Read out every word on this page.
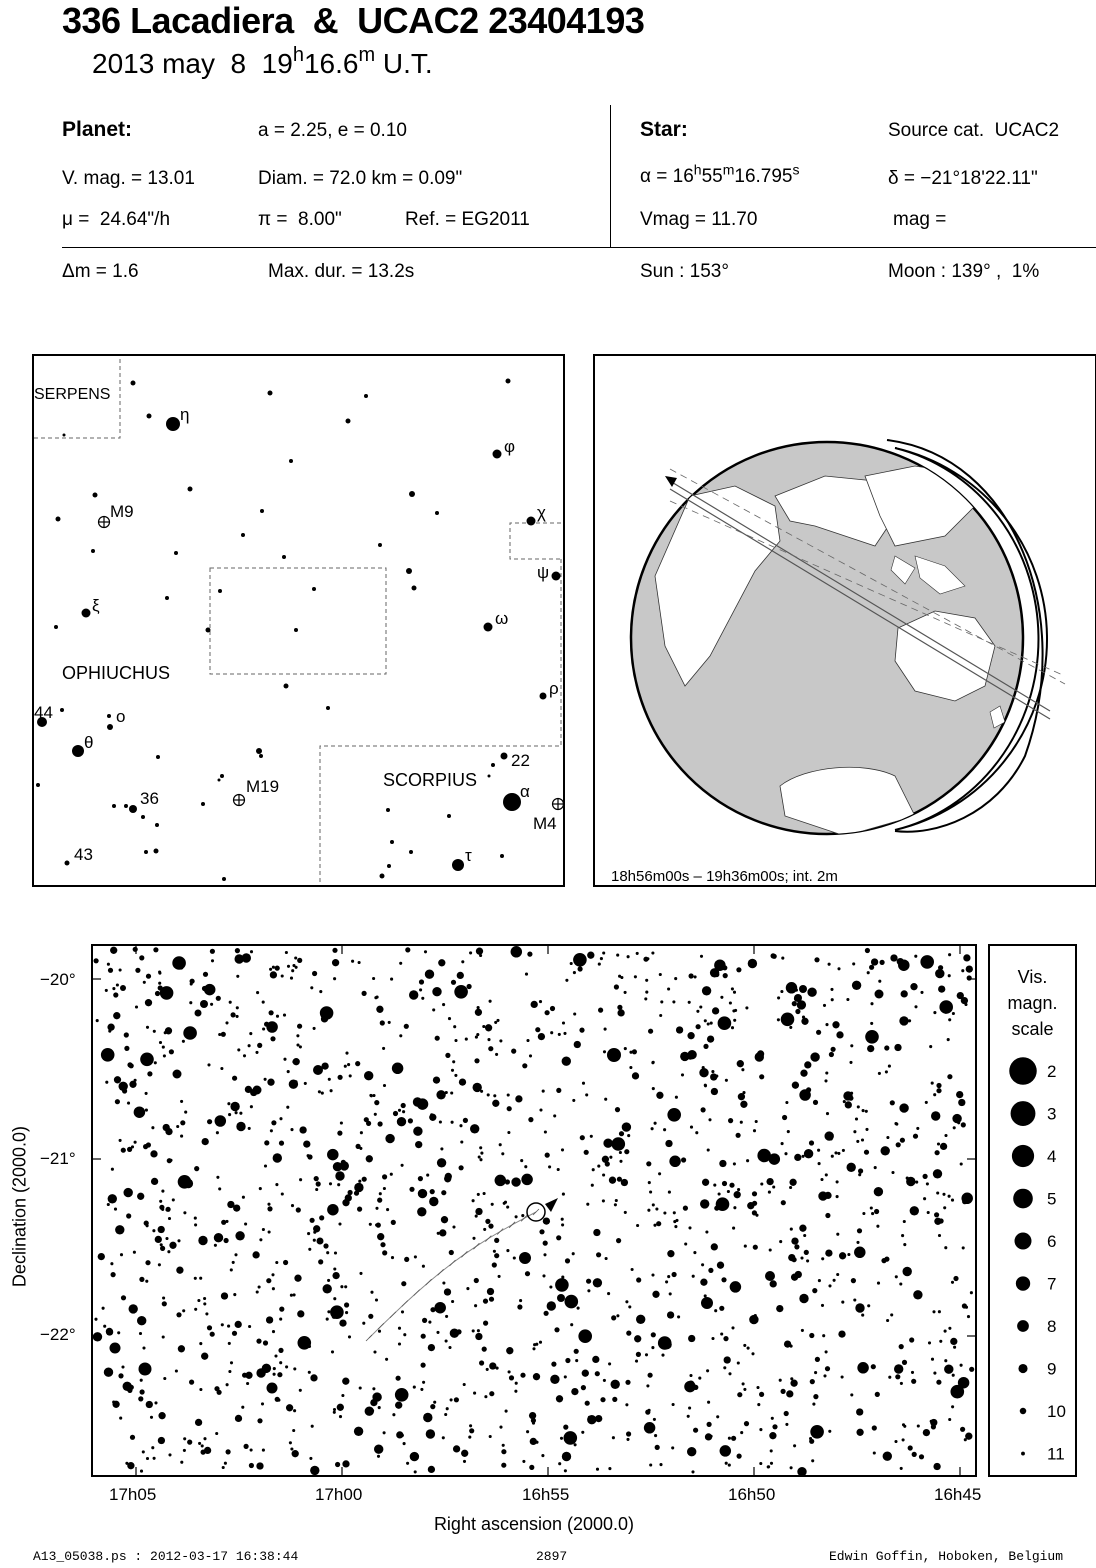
336 Lacadiera  &  UCAC2 23404193
2013 may  8  19$^h$16.6$^m$ U.T.
Planet:	a = 2.25, e = 0.10
V. mag. = 13.01	Diam. = 72.0 km = 0.09"
μ =  24.64"/h	π =  8.00"	Ref. = EG2011
Star:	Source cat.  UCAC2
$\alpha = 16^h55^m16.795^s$	δ = −21°18'22.11"
Vmag = 11.70	mag =
Δm = 1.6	Max. dur. = 13.2s	Sun : 153°	Moon : 139° ,  1%
SERPENS
OPHIUCHUS
SCORPIUS
η
φ
χ
ψ
ω
ξ
ρ
o
θ
α
τ
44
36
43
22
M9
M19
M4
18h56m00s – 19h36m00s; int. 2m
−20°
−21°
−22°
Declination (2000.0)
17h05	17h00	16h55	16h50	16h45
Right ascension (2000.0)
Vis.
magn.
scale
2
3
4
5
6
7
8
9
10
11
A13_05038.ps : 2012-03-17 16:38:44	2897	Edwin Goffin, Hoboken, Belgium
